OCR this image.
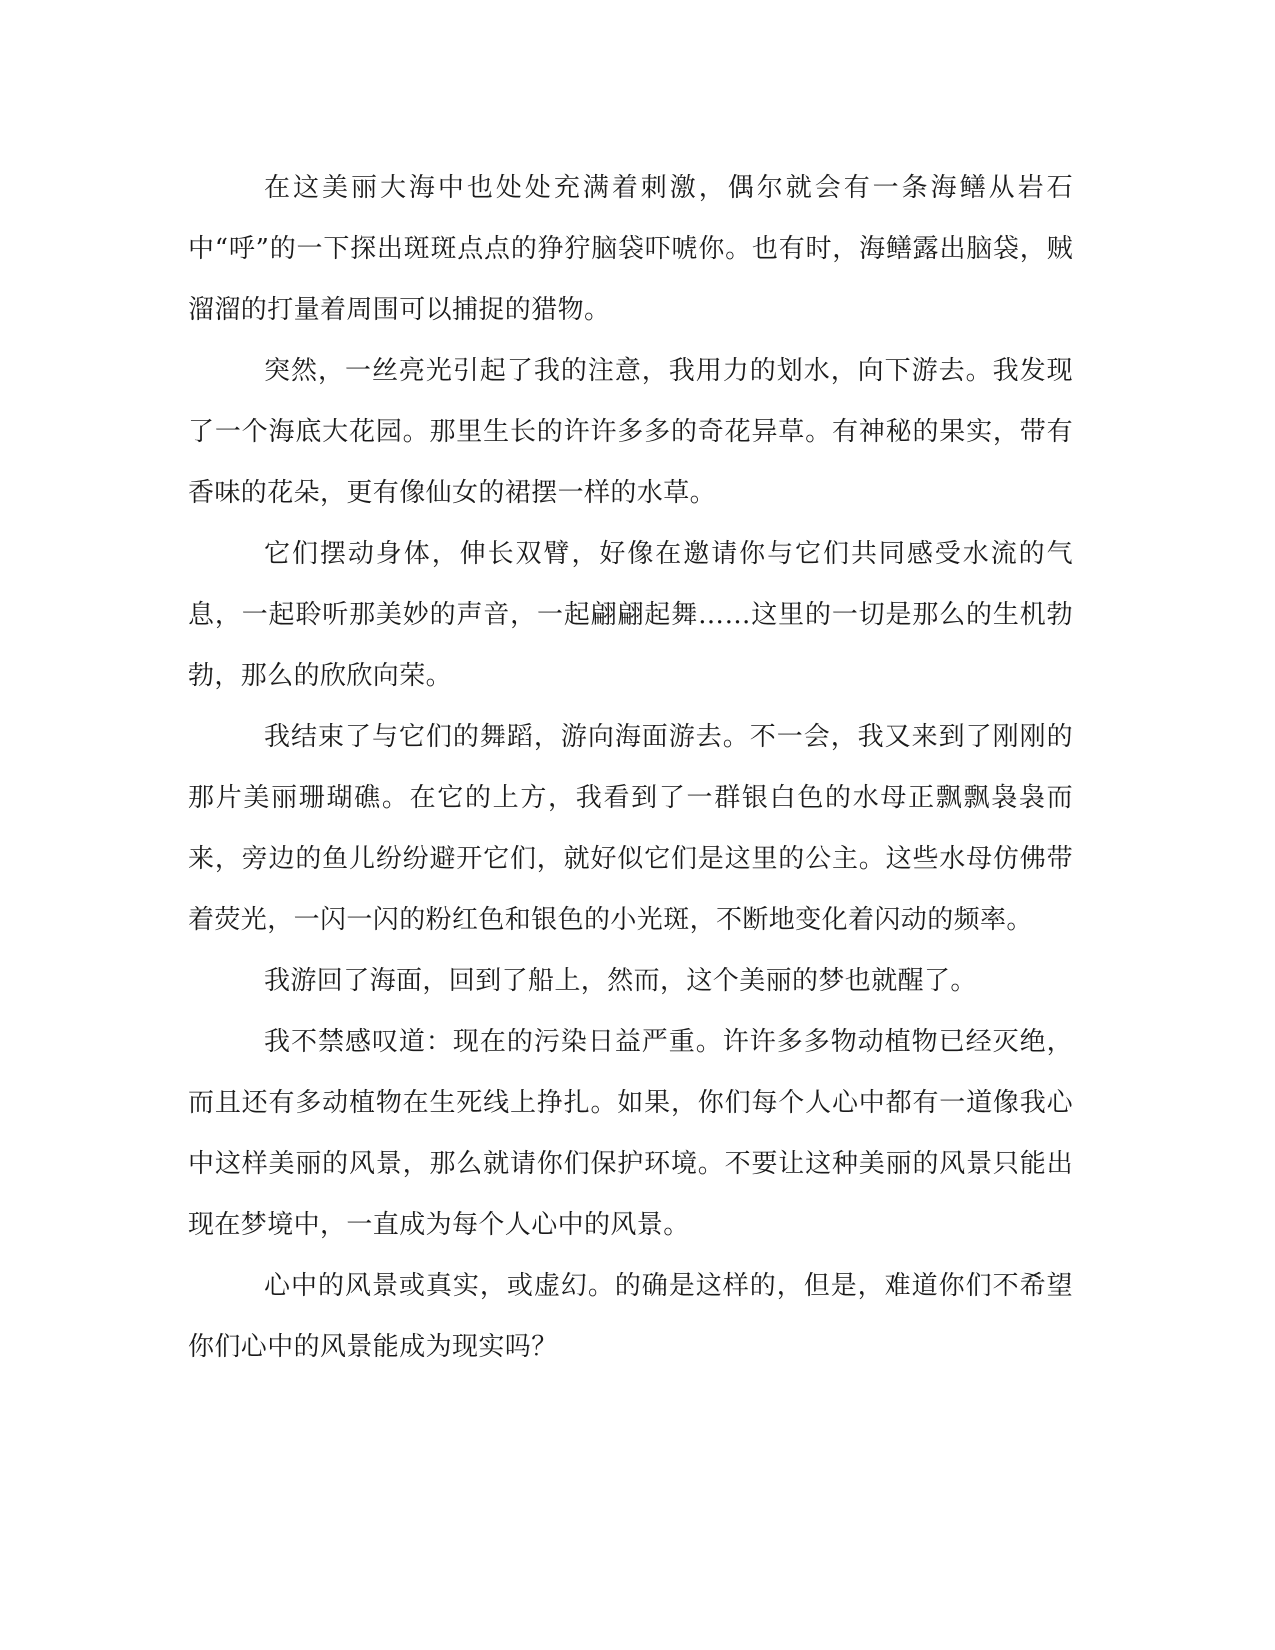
在这美丽大海中也处处充满着刺激，偶尔就会有一条海鳝从岩石中“呼”的一下探出斑斑点点的狰狞脑袋吓唬你。也有时，海鳝露出脑袋，贼溜溜的打量着周围可以捕捉的猎物。

突然，一丝亮光引起了我的注意，我用力的划水，向下游去。我发现了一个海底大花园。那里生长的许许多多的奇花异草。有神秘的果实，带有香味的花朵，更有像仙女的裙摆一样的水草。

它们摆动身体，伸长双臂，好像在邀请你与它们共同感受水流的气息，一起聆听那美妙的声音，一起翩翩起舞……这里的一切是那么的生机勃勃，那么的欣欣向荣。

我结束了与它们的舞蹈，游向海面游去。不一会，我又来到了刚刚的那片美丽珊瑚礁。在它的上方，我看到了一群银白色的水母正飘飘袅袅而来，旁边的鱼儿纷纷避开它们，就好似它们是这里的公主。这些水母仿佛带着荧光，一闪一闪的粉红色和银色的小光斑，不断地变化着闪动的频率。

我游回了海面，回到了船上，然而，这个美丽的梦也就醒了。

我不禁感叹道：现在的污染日益严重。许许多多物动植物已经灭绝，而且还有多动植物在生死线上挣扎。如果，你们每个人心中都有一道像我心中这样美丽的风景，那么就请你们保护环境。不要让这种美丽的风景只能出现在梦境中，一直成为每个人心中的风景。

心中的风景或真实，或虚幻。的确是这样的，但是，难道你们不希望你们心中的风景能成为现实吗？
